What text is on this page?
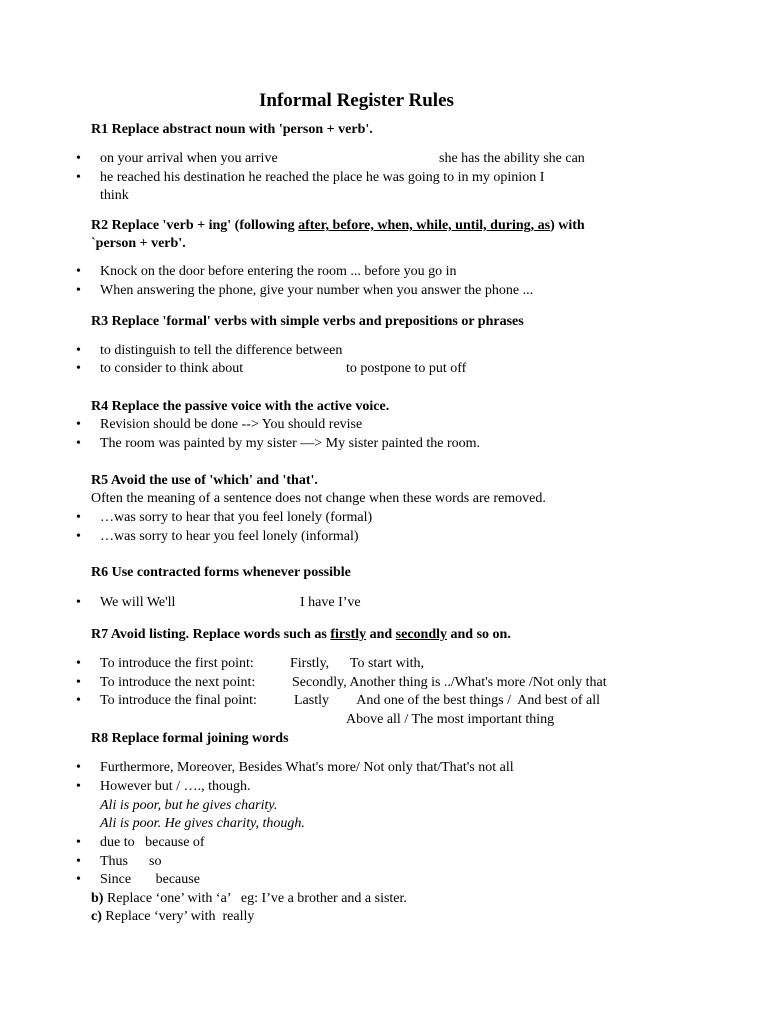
Informal Register Rules
R1 Replace abstract noun with 'person + verb'.
• on your arrival when you arrive	she has the ability she can
• he reached his destination he reached the place he was going to in my opinion I
think
R2 Replace 'verb + ing' (following after, before, when, while, until, during, as) with
`person + verb'.
• Knock on the door before entering the room ... before you go in
• When answering the phone, give your number when you answer the phone ...
R3 Replace 'formal' verbs with simple verbs and prepositions or phrases
• to distinguish to tell the difference between
• to consider to think about	to postpone to put off
R4 Replace the passive voice with the active voice.
• Revision should be done --> You should revise
• The room was painted by my sister —> My sister painted the room.
R5 Avoid the use of 'which' and 'that'.
Often the meaning of a sentence does not change when these words are removed.
• …was sorry to hear that you feel lonely (formal)
• …was sorry to hear you feel lonely (informal)
R6 Use contracted forms whenever possible
• We will We'll	I have I’ve
R7 Avoid listing. Replace words such as firstly and secondly and so on.
• To introduce the first point:	Firstly,      To start with,
• To introduce the next point:	Secondly, Another thing is ../What's more /Not only that
• To introduce the final point:	Lastly        And one of the best things /  And best of all
Above all / The most important thing
R8 Replace formal joining words
• Furthermore, Moreover, Besides What's more/ Not only that/That's not all
• However but / …., though.
Ali is poor, but he gives charity.
Ali is poor. He gives charity, though.
• due to   because of
• Thus      so
• Since       because
b) Replace ‘one’ with ‘a’   eg: I’ve a brother and a sister.
c) Replace ‘very’ with  really
